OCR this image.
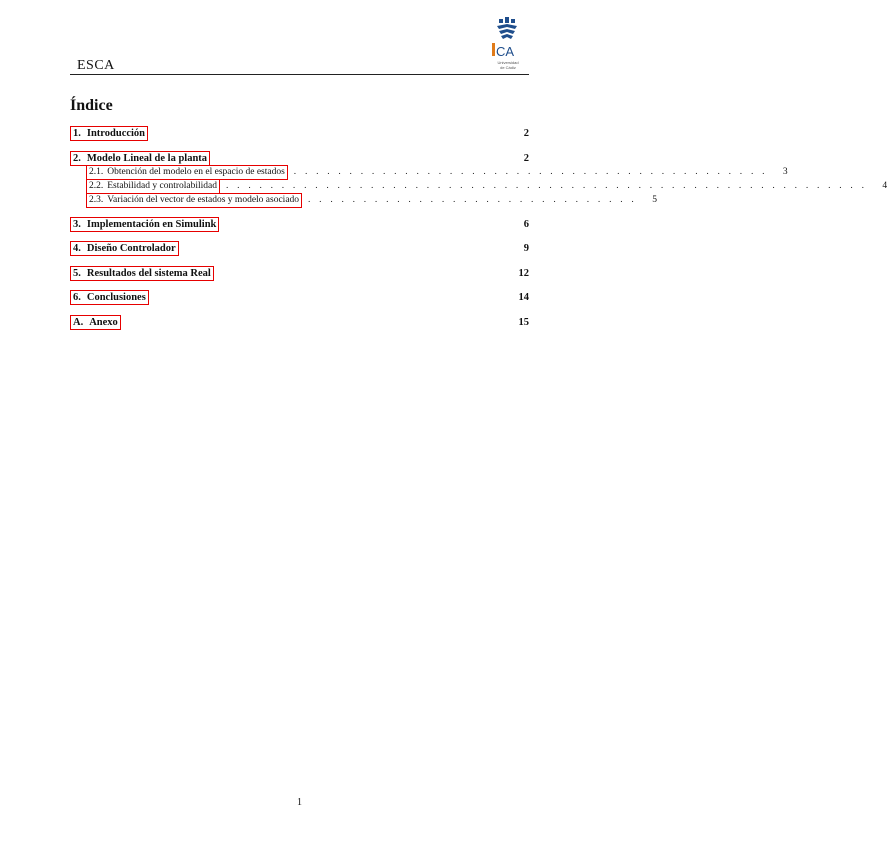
ESCA
CA
Universidad
de Cádiz
Índice
1. Introducción	2
2. Modelo Lineal de la planta	2
2.1. Obtención del modelo en el espacio de estados . . . . . . . . . . . . . . . . . . . . . . . . . . . . . . . . . . . . . . . . . . .	3
2.2. Estabilidad y controlabilidad . . . . . . . . . . . . . . . . . . . . . . . . . . . . . . . . . . . . . . . . . . . . . . . . . . . . . . . . . .	4
2.3. Variación del vector de estados y modelo asociado . . . . . . . . . . . . . . . . . . . . . . . . . . . . . .	5
3. Implementación en Simulink	6
4. Diseño Controlador	9
5. Resultados del sistema Real	12
6. Conclusiones	14
A. Anexo	15
1
